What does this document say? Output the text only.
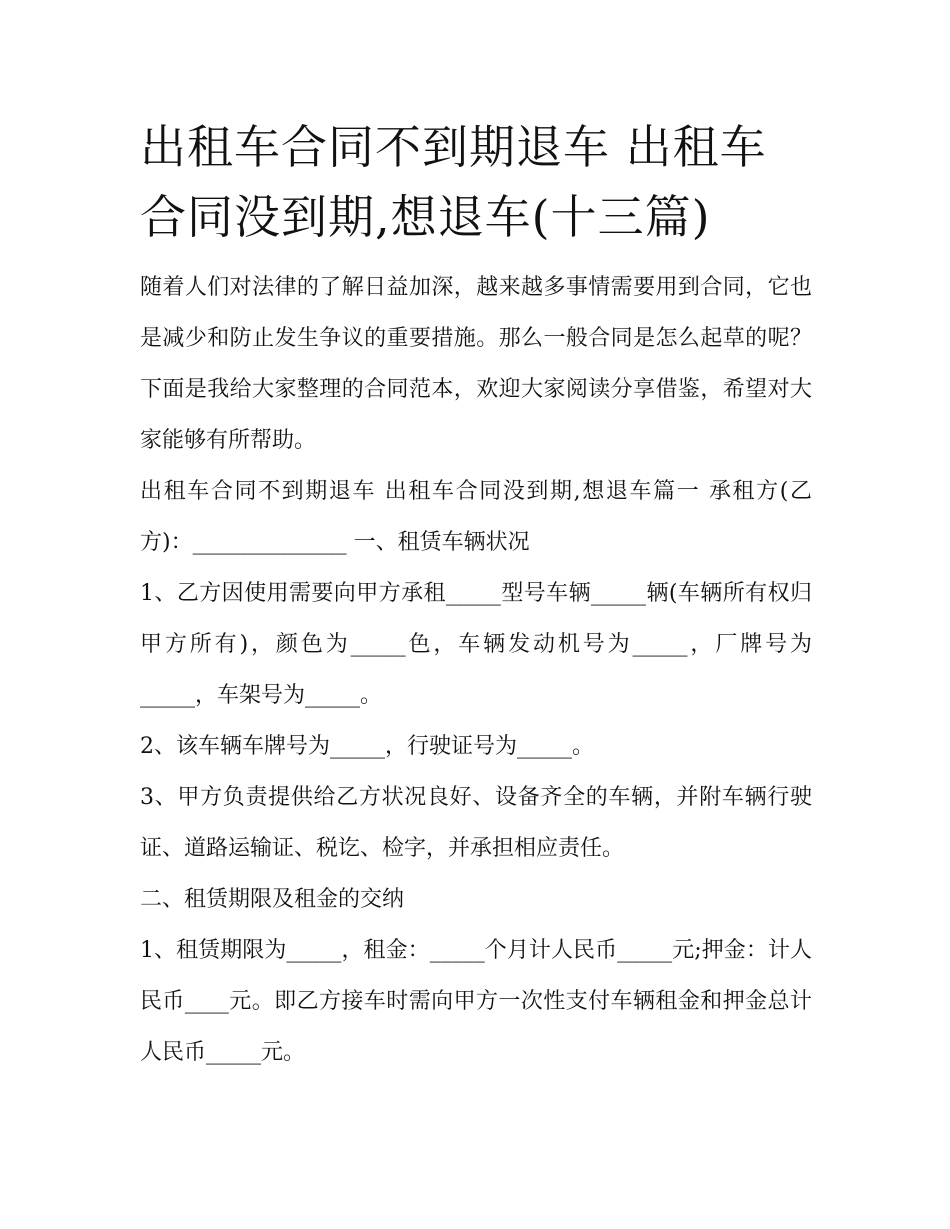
出租车合同不到期退车 出租车合同没到期,想退车(十三篇)

随着人们对法律的了解日益加深，越来越多事情需要用到合同，它也是减少和防止发生争议的重要措施。那么一般合同是怎么起草的呢？下面是我给大家整理的合同范本，欢迎大家阅读分享借鉴，希望对大家能够有所帮助。

出租车合同不到期退车 出租车合同没到期,想退车篇一 承租方(乙方)：______________ 一、租赁车辆状况

1、乙方因使用需要向甲方承租_____型号车辆_____辆(车辆所有权归甲方所有)，颜色为_____色，车辆发动机号为_____，厂牌号为_____，车架号为_____。

2、该车辆车牌号为_____，行驶证号为_____。

3、甲方负责提供给乙方状况良好、设备齐全的车辆，并附车辆行驶证、道路运输证、税讫、检字，并承担相应责任。

二、租赁期限及租金的交纳

1、租赁期限为_____，租金：_____个月计人民币_____元;押金：计人民币____元。即乙方接车时需向甲方一次性支付车辆租金和押金总计人民币_____元。
